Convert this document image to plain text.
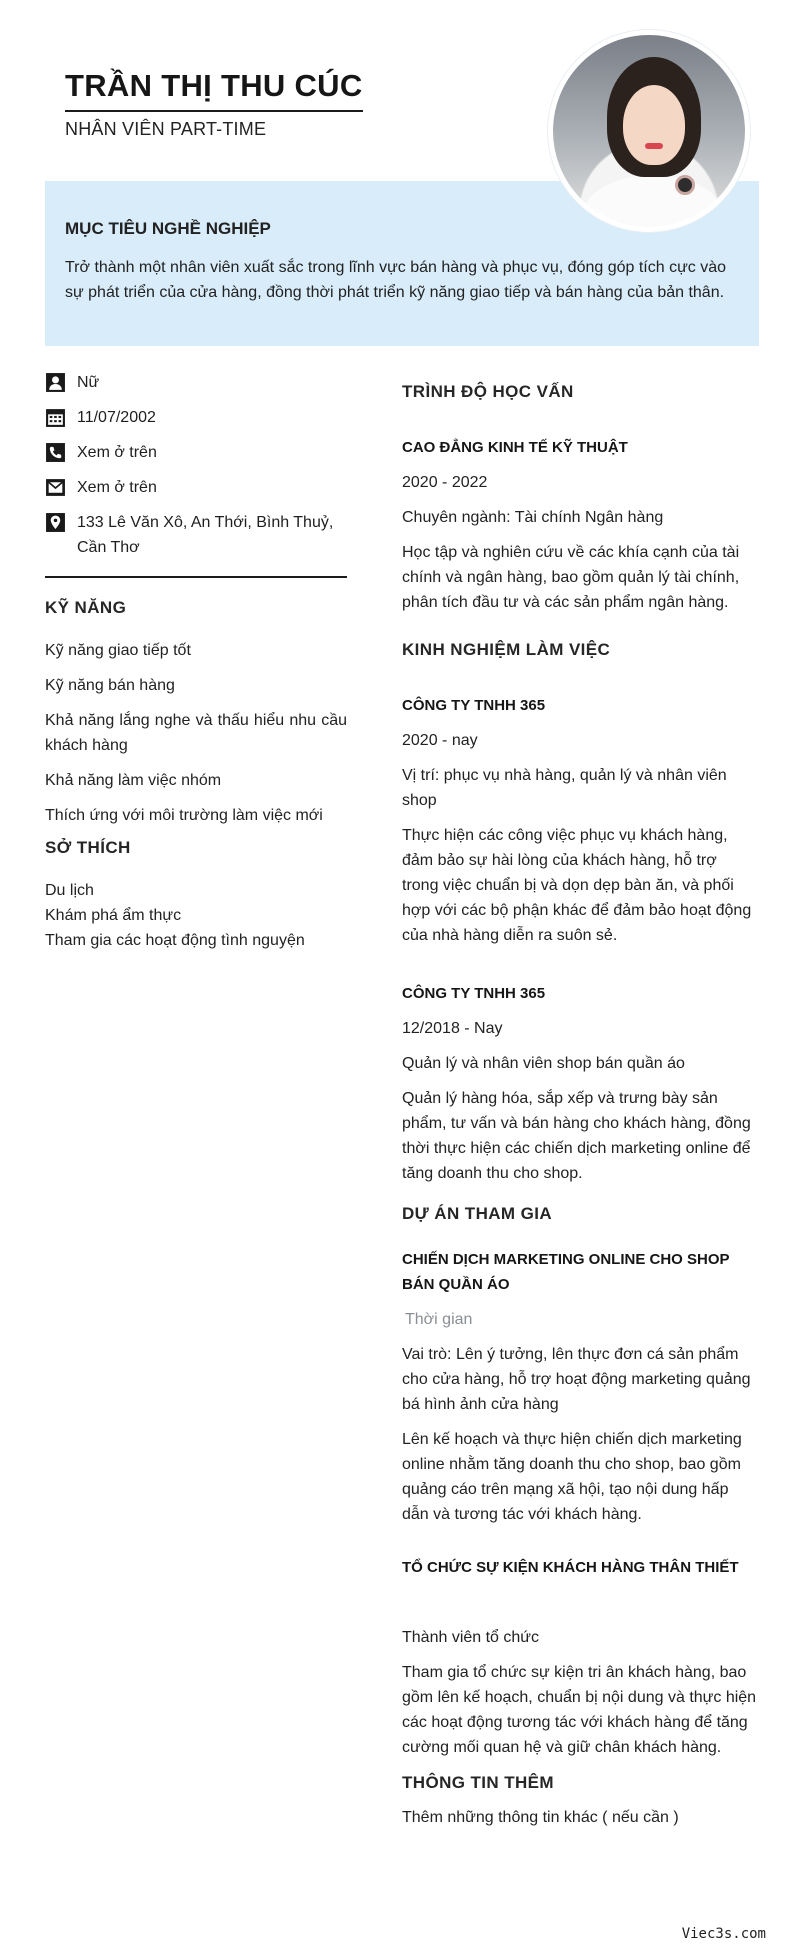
TRẦN THỊ THU CÚC
NHÂN VIÊN PART-TIME
MỤC TIÊU NGHỀ NGHIỆP
Trở thành một nhân viên xuất sắc trong lĩnh vực bán hàng và phục vụ, đóng góp tích cực vào sự phát triển của cửa hàng, đồng thời phát triển kỹ năng giao tiếp và bán hàng của bản thân.
Nữ
11/07/2002
Xem ở trên
Xem ở trên
133 Lê Văn Xô, An Thới, Bình Thuỷ, Cần Thơ
KỸ NĂNG
Kỹ năng giao tiếp tốt
Kỹ năng bán hàng
Khả năng lắng nghe và thấu hiểu nhu cầu khách hàng
Khả năng làm việc nhóm
Thích ứng với môi trường làm việc mới
SỞ THÍCH
Du lịch
Khám phá ẩm thực
Tham gia các hoạt động tình nguyện
TRÌNH ĐỘ HỌC VẤN
CAO ĐẲNG KINH TẾ KỸ THUẬT
2020 - 2022
Chuyên ngành: Tài chính Ngân hàng
Học tập và nghiên cứu về các khía cạnh của tài chính và ngân hàng, bao gồm quản lý tài chính, phân tích đầu tư và các sản phẩm ngân hàng.
KINH NGHIỆM LÀM VIỆC
CÔNG TY TNHH 365
2020 - nay
Vị trí: phục vụ nhà hàng, quản lý và nhân viên shop
Thực hiện các công việc phục vụ khách hàng, đảm bảo sự hài lòng của khách hàng, hỗ trợ trong việc chuẩn bị và dọn dẹp bàn ăn, và phối hợp với các bộ phận khác để đảm bảo hoạt động của nhà hàng diễn ra suôn sẻ.
CÔNG TY TNHH 365
12/2018 - Nay
Quản lý và nhân viên shop bán quần áo
Quản lý hàng hóa, sắp xếp và trưng bày sản phẩm, tư vấn và bán hàng cho khách hàng, đồng thời thực hiện các chiến dịch marketing online để tăng doanh thu cho shop.
DỰ ÁN THAM GIA
CHIẾN DỊCH MARKETING ONLINE CHO SHOP BÁN QUẦN ÁO
Thời gian
Vai trò: Lên ý tưởng, lên thực đơn cá sản phẩm cho cửa hàng, hỗ trợ hoạt động marketing quảng bá hình ảnh cửa hàng
Lên kế hoạch và thực hiện chiến dịch marketing online nhằm tăng doanh thu cho shop, bao gồm quảng cáo trên mạng xã hội, tạo nội dung hấp dẫn và tương tác với khách hàng.
TỔ CHỨC SỰ KIỆN KHÁCH HÀNG THÂN THIẾT
Thành viên tổ chức
Tham gia tổ chức sự kiện tri ân khách hàng, bao gồm lên kế hoạch, chuẩn bị nội dung và thực hiện các hoạt động tương tác với khách hàng để tăng cường mối quan hệ và giữ chân khách hàng.
THÔNG TIN THÊM
Thêm những thông tin khác ( nếu cần )
Viec3s.com
